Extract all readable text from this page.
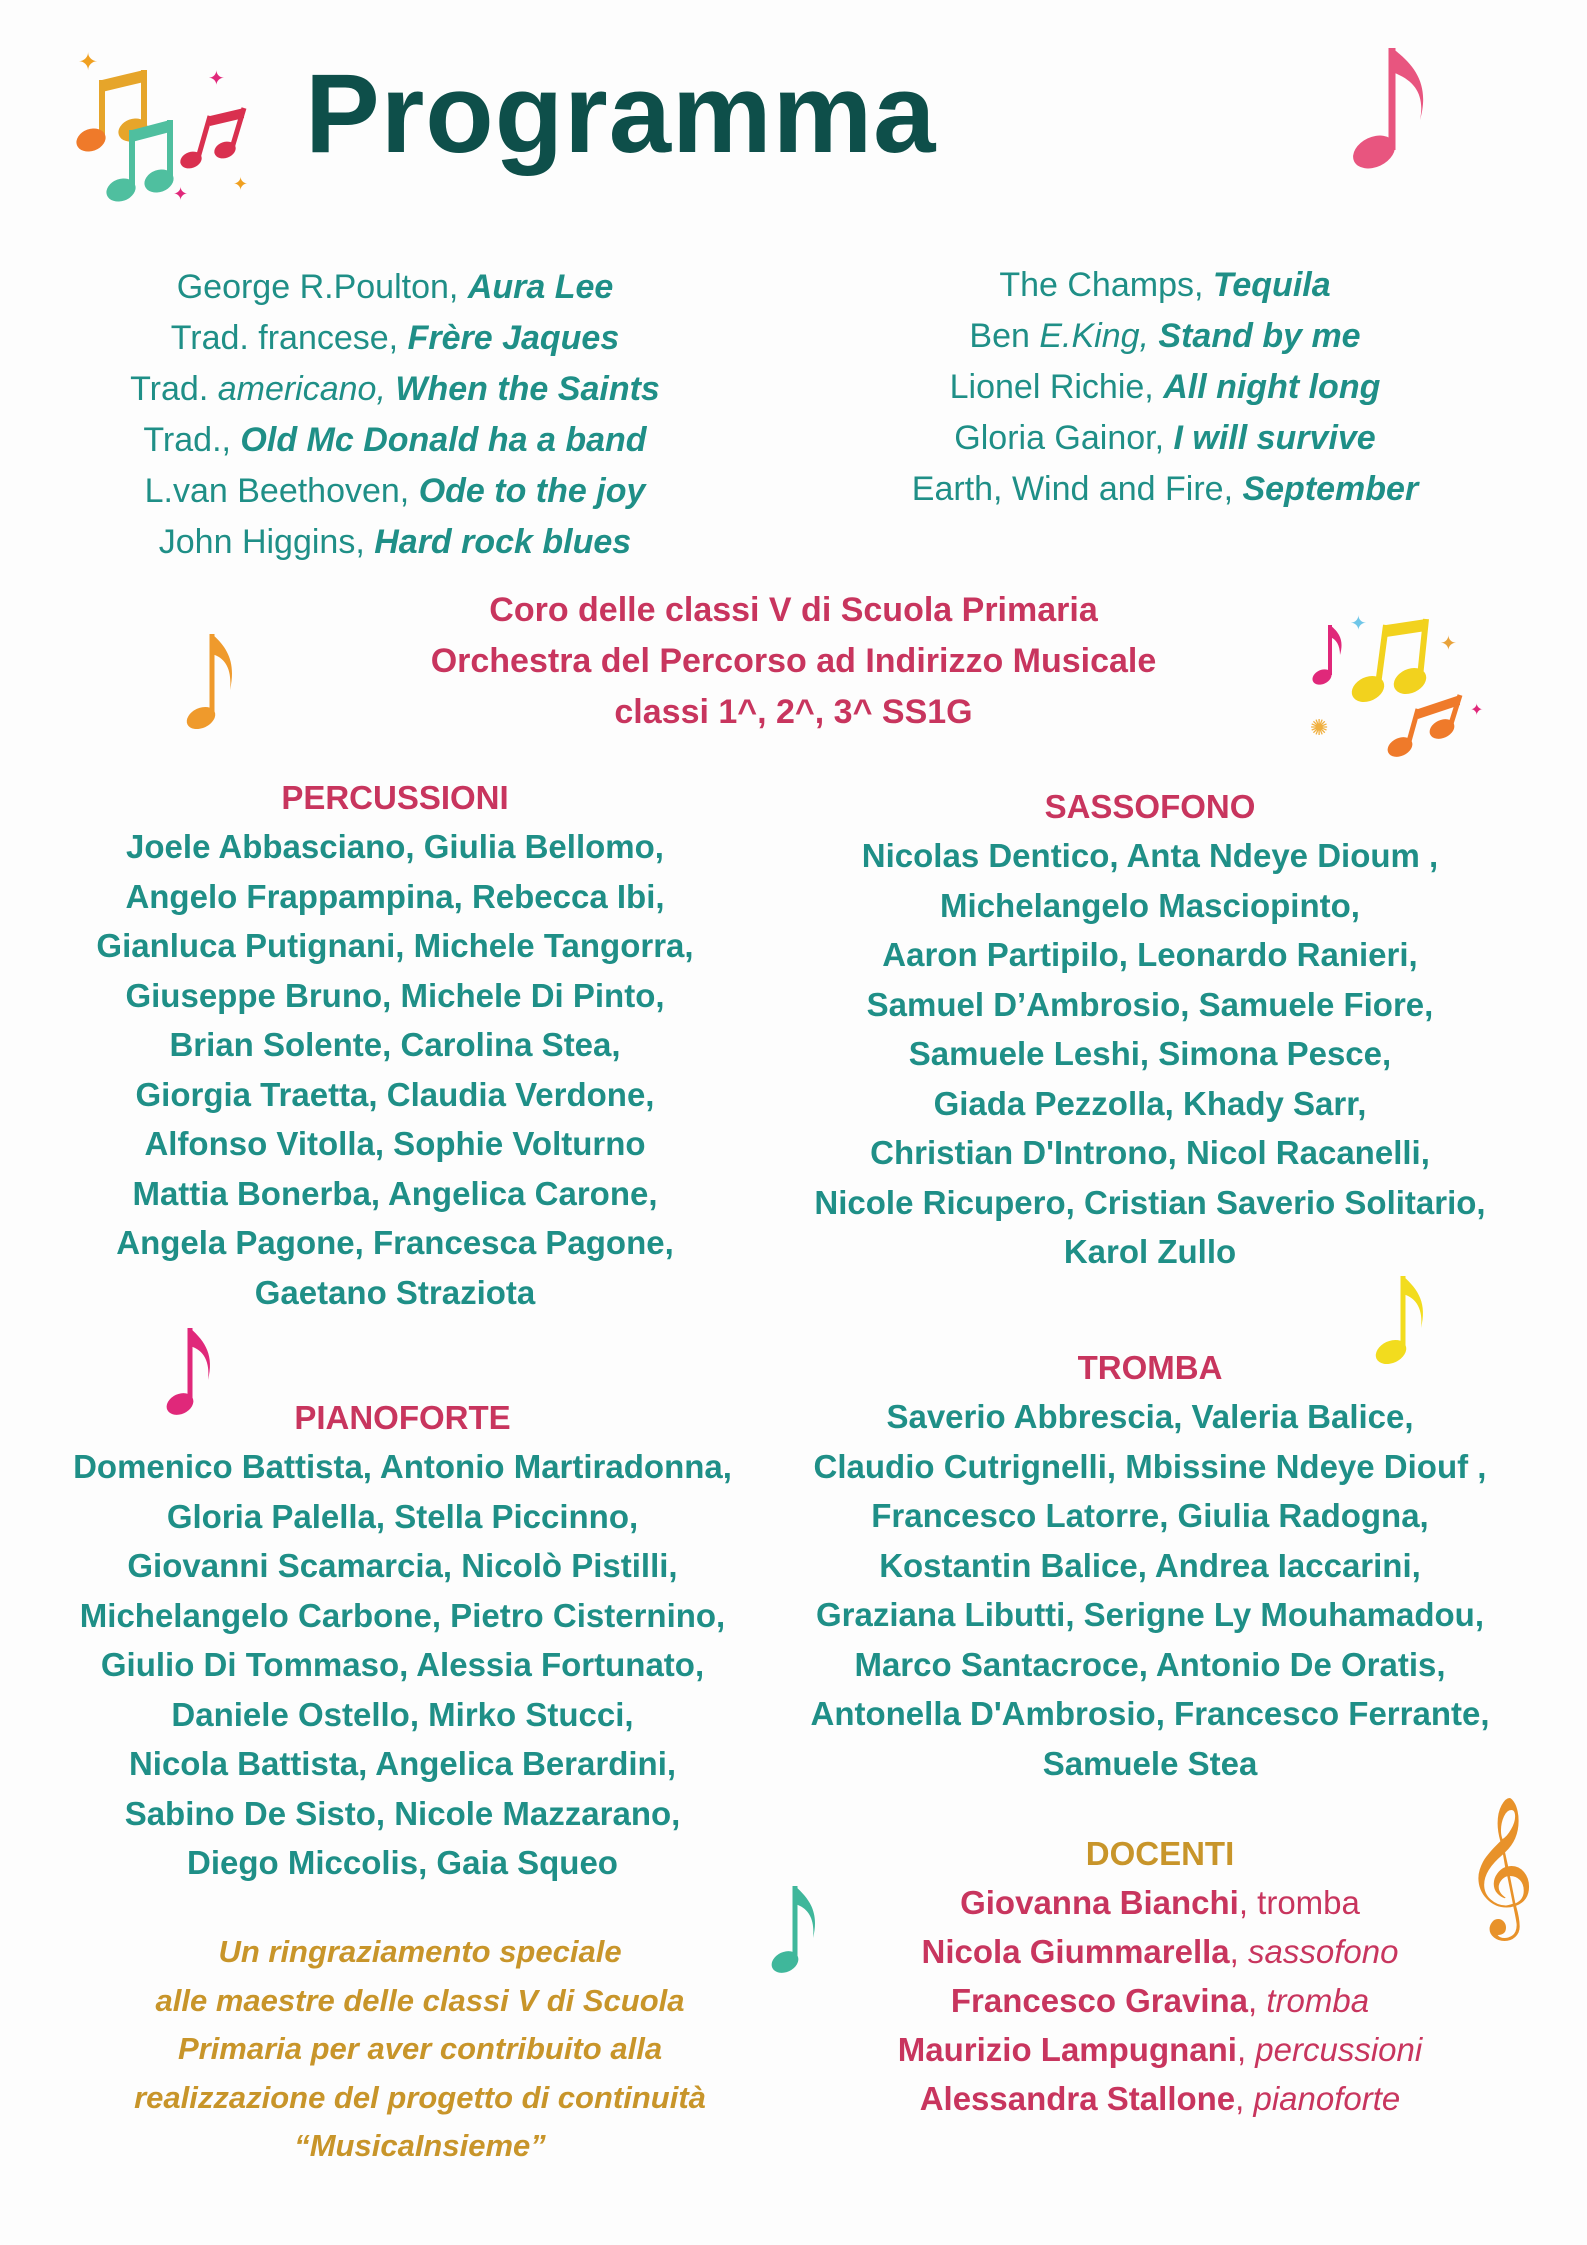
✦
✦
✦ ✦
✦
✦
✺
✦
𝄞
Programma
George R.Poulton, Aura Lee
Trad. francese, Frère Jaques
Trad. americano, When the Saints
Trad., Old Mc Donald ha a band
L.van Beethoven, Ode to the joy
John Higgins, Hard rock blues
The Champs, Tequila
Ben E.King, Stand by me
Lionel Richie, All night long
Gloria Gainor, I will survive
Earth, Wind and Fire, September
Coro delle classi V di Scuola Primaria
Orchestra del Percorso ad Indirizzo Musicale
classi 1^, 2^, 3^ SS1G
PERCUSSIONI
Joele Abbasciano, Giulia Bellomo,
Angelo Frappampina, Rebecca Ibi,
Gianluca Putignani, Michele Tangorra,
Giuseppe Bruno, Michele Di Pinto,
Brian Solente, Carolina Stea,
Giorgia Traetta, Claudia Verdone,
Alfonso Vitolla, Sophie Volturno
Mattia Bonerba, Angelica Carone,
Angela Pagone, Francesca Pagone,
Gaetano Straziota
SASSOFONO
Nicolas Dentico, Anta Ndeye Dioum ,
Michelangelo Masciopinto,
Aaron Partipilo, Leonardo Ranieri,
Samuel D’Ambrosio, Samuele Fiore,
Samuele Leshi, Simona Pesce,
Giada Pezzolla, Khady Sarr,
Christian D'Introno, Nicol Racanelli,
Nicole Ricupero, Cristian Saverio Solitario,
Karol Zullo
PIANOFORTE
Domenico Battista, Antonio Martiradonna,
Gloria Palella, Stella Piccinno,
Giovanni Scamarcia, Nicolò Pistilli,
Michelangelo Carbone, Pietro Cisternino,
Giulio Di Tommaso, Alessia Fortunato,
Daniele Ostello, Mirko Stucci,
Nicola Battista, Angelica Berardini,
Sabino De Sisto, Nicole Mazzarano,
Diego Miccolis, Gaia Squeo
TROMBA
Saverio Abbrescia, Valeria Balice,
Claudio Cutrignelli, Mbissine Ndeye Diouf ,
Francesco Latorre, Giulia Radogna,
Kostantin Balice, Andrea Iaccarini,
Graziana Libutti, Serigne Ly Mouhamadou,
Marco Santacroce, Antonio De Oratis,
Antonella D'Ambrosio, Francesco Ferrante,
Samuele Stea
DOCENTI
Giovanna Bianchi, tromba
Nicola Giummarella, sassofono
Francesco Gravina, tromba
Maurizio Lampugnani, percussioni
Alessandra Stallone, pianoforte
Un ringraziamento speciale
alle maestre delle classi V di Scuola
Primaria per aver contribuito alla
realizzazione del progetto di continuità
“MusicaInsieme”
